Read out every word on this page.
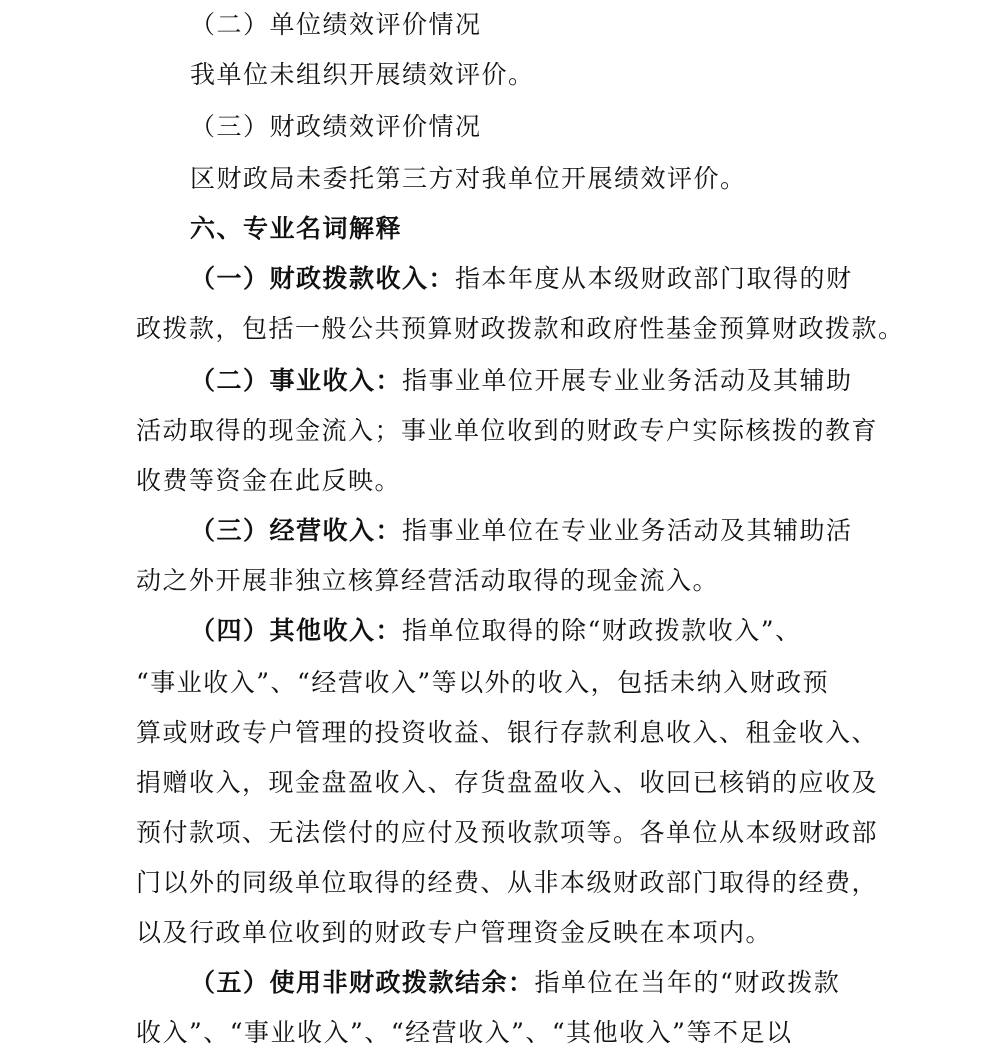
（二）单位绩效评价情况
我单位未组织开展绩效评价。
（三）财政绩效评价情况
区财政局未委托第三方对我单位开展绩效评价。
六、专业名词解释
（一）财政拨款收入：指本年度从本级财政部门取得的财
政拨款，包括一般公共预算财政拨款和政府性基金预算财政拨款。
（二）事业收入：指事业单位开展专业业务活动及其辅助
活动取得的现金流入；事业单位收到的财政专户实际核拨的教育
收费等资金在此反映。
（三）经营收入：指事业单位在专业业务活动及其辅助活
动之外开展非独立核算经营活动取得的现金流入。
（四）其他收入：指单位取得的除“财政拨款收入”、
“事业收入”、“经营收入”等以外的收入，包括未纳入财政预
算或财政专户管理的投资收益、银行存款利息收入、租金收入、
捐赠收入，现金盘盈收入、存货盘盈收入、收回已核销的应收及
预付款项、无法偿付的应付及预收款项等。各单位从本级财政部
门以外的同级单位取得的经费、从非本级财政部门取得的经费，
以及行政单位收到的财政专户管理资金反映在本项内。
（五）使用非财政拨款结余：指单位在当年的“财政拨款
收入”、“事业收入”、“经营收入”、“其他收入”等不足以
